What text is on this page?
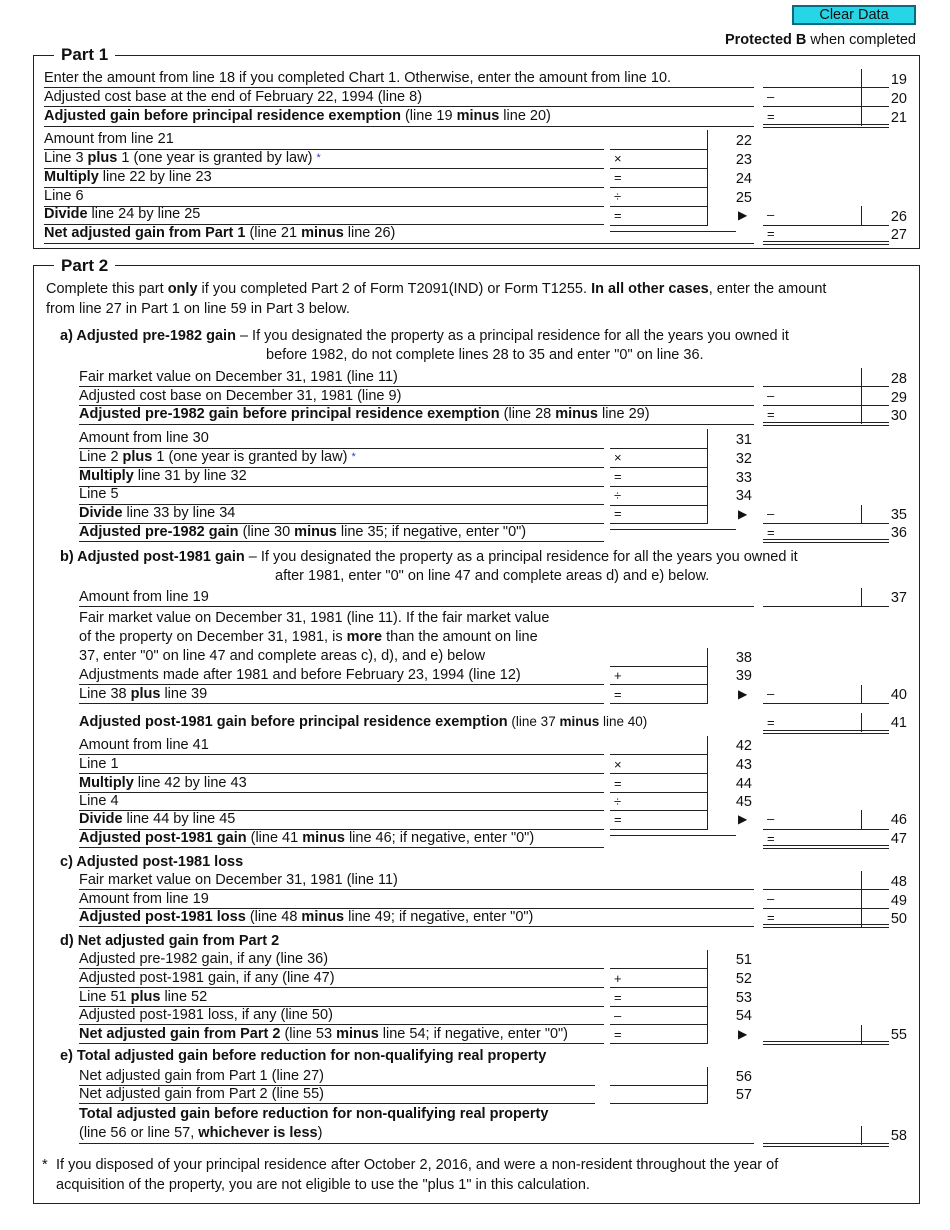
Clear Data
Protected B when completed
Part 1
Enter the amount from line 18 if you completed Chart 1. Otherwise, enter the amount from line 10.	19
Adjusted cost base at the end of February 22, 1994 (line 8)	–	20
Adjusted gain before principal residence exemption (line 19 minus line 20)	=	21
Amount from line 21	22
Line 3 plus 1 (one year is granted by law) *	×	23
Multiply line 22 by line 23	=	24
Line 6	÷	25
Divide line 24 by line 25	=	▶ –	26
Net adjusted gain from Part 1 (line 21 minus line 26)	=	27
Part 2
Complete this part only if you completed Part 2 of Form T2091(IND) or Form T1255. In all other cases, enter the amount
from line 27 in Part 1 on line 59 in Part 3 below.
a) Adjusted pre-1982 gain – If you designated the property as a principal residence for all the years you owned it
before 1982, do not complete lines 28 to 35 and enter "0" on line 36.
Fair market value on December 31, 1981 (line 11)	28
Adjusted cost base on December 31, 1981 (line 9)	–	29
Adjusted pre-1982 gain before principal residence exemption (line 28 minus line 29)	=	30
Amount from line 30	31
Line 2 plus 1 (one year is granted by law) *	×	32
Multiply line 31 by line 32	=	33
Line 5	÷	34
Divide line 33 by line 34	=	▶ –	35
Adjusted pre-1982 gain (line 30 minus line 35; if negative, enter "0")	=	36
b) Adjusted post-1981 gain – If you designated the property as a principal residence for all the years you owned it
after 1981, enter "0" on line 47 and complete areas d) and e) below.
Amount from line 19	37
Fair market value on December 31, 1981 (line 11). If the fair market value
of the property on December 31, 1981, is more than the amount on line
37, enter "0" on line 47 and complete areas c), d), and e) below	38
Adjustments made after 1981 and before February 23, 1994 (line 12)	+	39
Line 38 plus line 39	=	▶ –	40
Adjusted post-1981 gain before principal residence exemption (line 37 minus line 40)	=	41
Amount from line 41	42
Line 1	×	43
Multiply line 42 by line 43	=	44
Line 4	÷	45
Divide line 44 by line 45	=	▶ –	46
Adjusted post-1981 gain (line 41 minus line 46; if negative, enter "0")	=	47
c) Adjusted post-1981 loss
Fair market value on December 31, 1981 (line 11)	48
Amount from line 19	–	49
Adjusted post-1981 loss (line 48 minus line 49; if negative, enter "0")	=	50
d) Net adjusted gain from Part 2
Adjusted pre-1982 gain, if any (line 36)	51
Adjusted post-1981 gain, if any (line 47)	+	52
Line 51 plus line 52	=	53
Adjusted post-1981 loss, if any (line 50)	–	54
Net adjusted gain from Part 2 (line 53 minus line 54; if negative, enter "0")	=	▶	55
e) Total adjusted gain before reduction for non-qualifying real property
Net adjusted gain from Part 1 (line 27)	56
Net adjusted gain from Part 2 (line 55)	57
Total adjusted gain before reduction for non-qualifying real property
(line 56 or line 57, whichever is less)	58
* If you disposed of your principal residence after October 2, 2016, and were a non-resident throughout the year of
acquisition of the property, you are not eligible to use the "plus 1" in this calculation.
